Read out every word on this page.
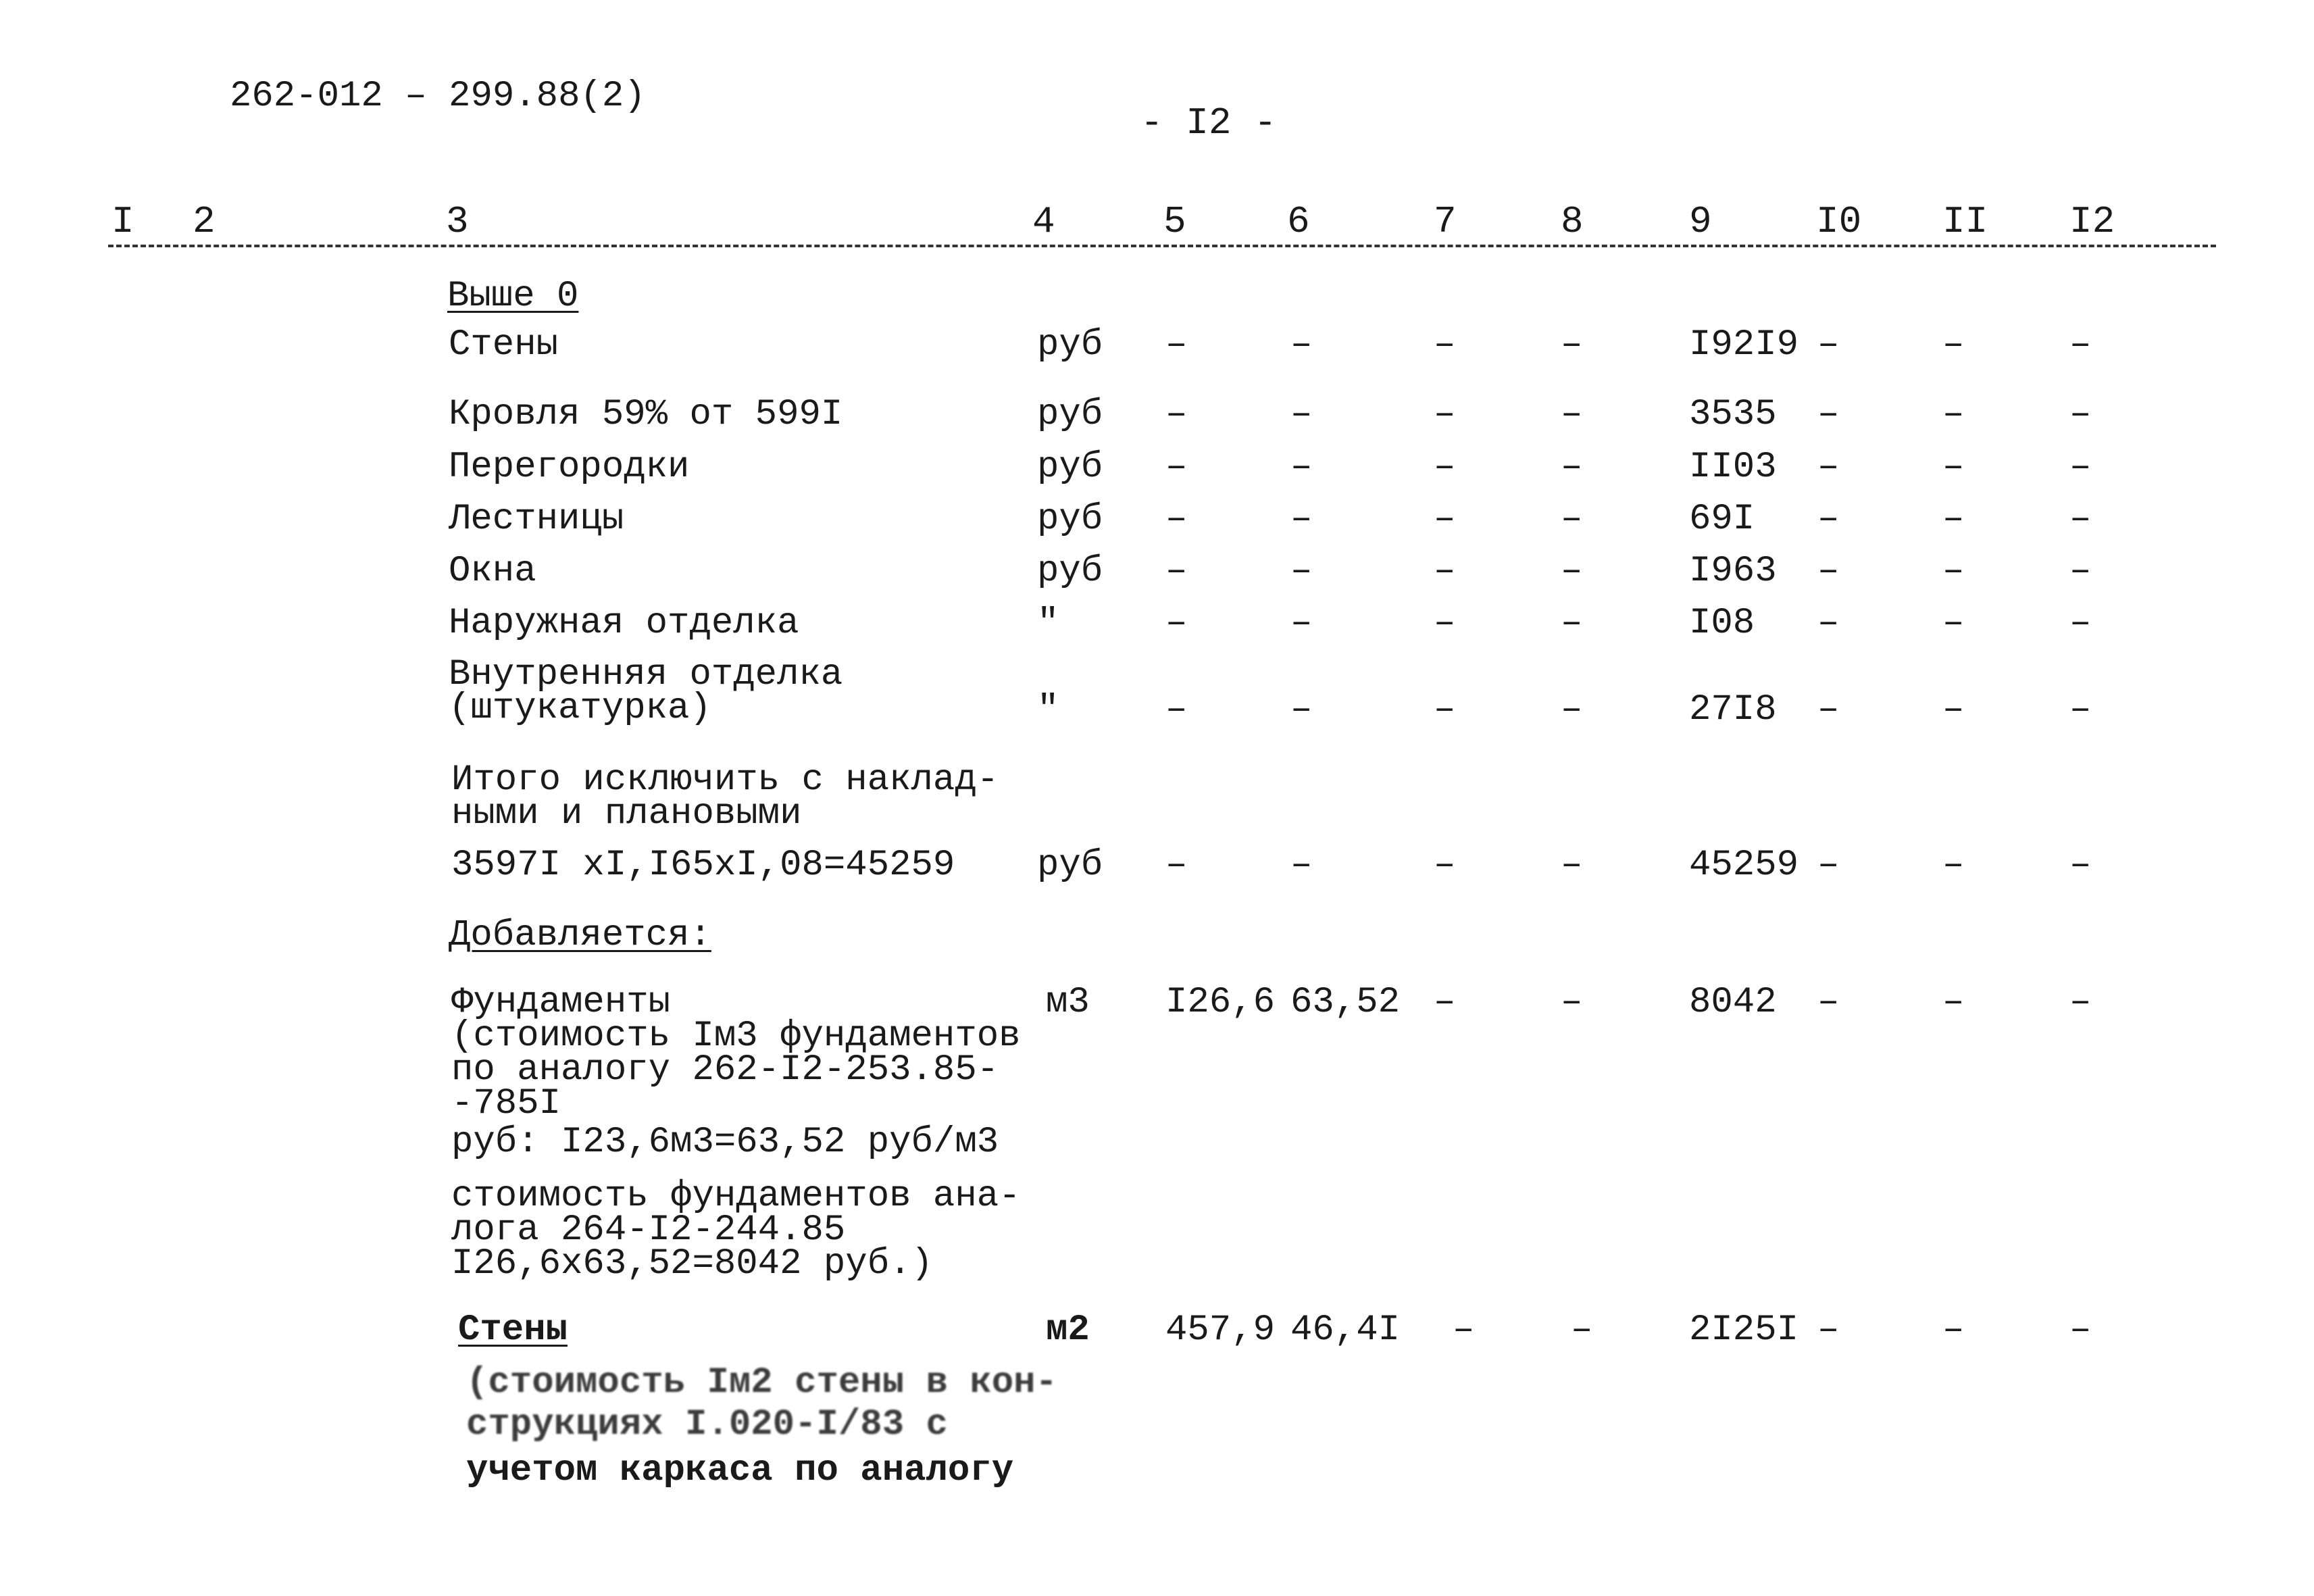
262-012 – 299.88(2)
- I2 -
I 2	3	4	5	6	7	8	9	I0 II I2
Выше 0
Стены	руб –	–	–	–	I92I9 –	–	–
Кровля 59% от 599I	руб –	–	–	–	3535 –	–	–
Перегородки	руб –	–	–	–	II03 –	–	–
Лестницы	руб –	–	–	–	69I –	–	–
Окна	руб –	–	–	–	I963 –	–	–
Наружная отделка	"	–	–	–	–	I08 –	–	–
Внутренняя отделка
(штукатурка)	"	–	–	–	–	27I8 –	–	–
Итого исключить с наклад-
ными и плановыми
3597I xI,I65xI,08=45259 руб –	–	–	–	45259 –	–	–
Добавляется:
Фундаменты
(стоимость Iм3 фундаментов
по аналогу 262-I2-253.85-
-785I
руб: I23,6м3=63,52 руб/м3
стоимость фундаментов ана-
лога 264-I2-244.85
I26,6x63,52=8042 руб.)
м3 I26,6 63,52 –	–	8042 –	–	–
Стены
(стоимость Iм2 стены в кон-
струкциях I.020-I/83 с
учетом каркаса по аналогу
м2 457,9 46,4I –	–	2I25I –	–	–
